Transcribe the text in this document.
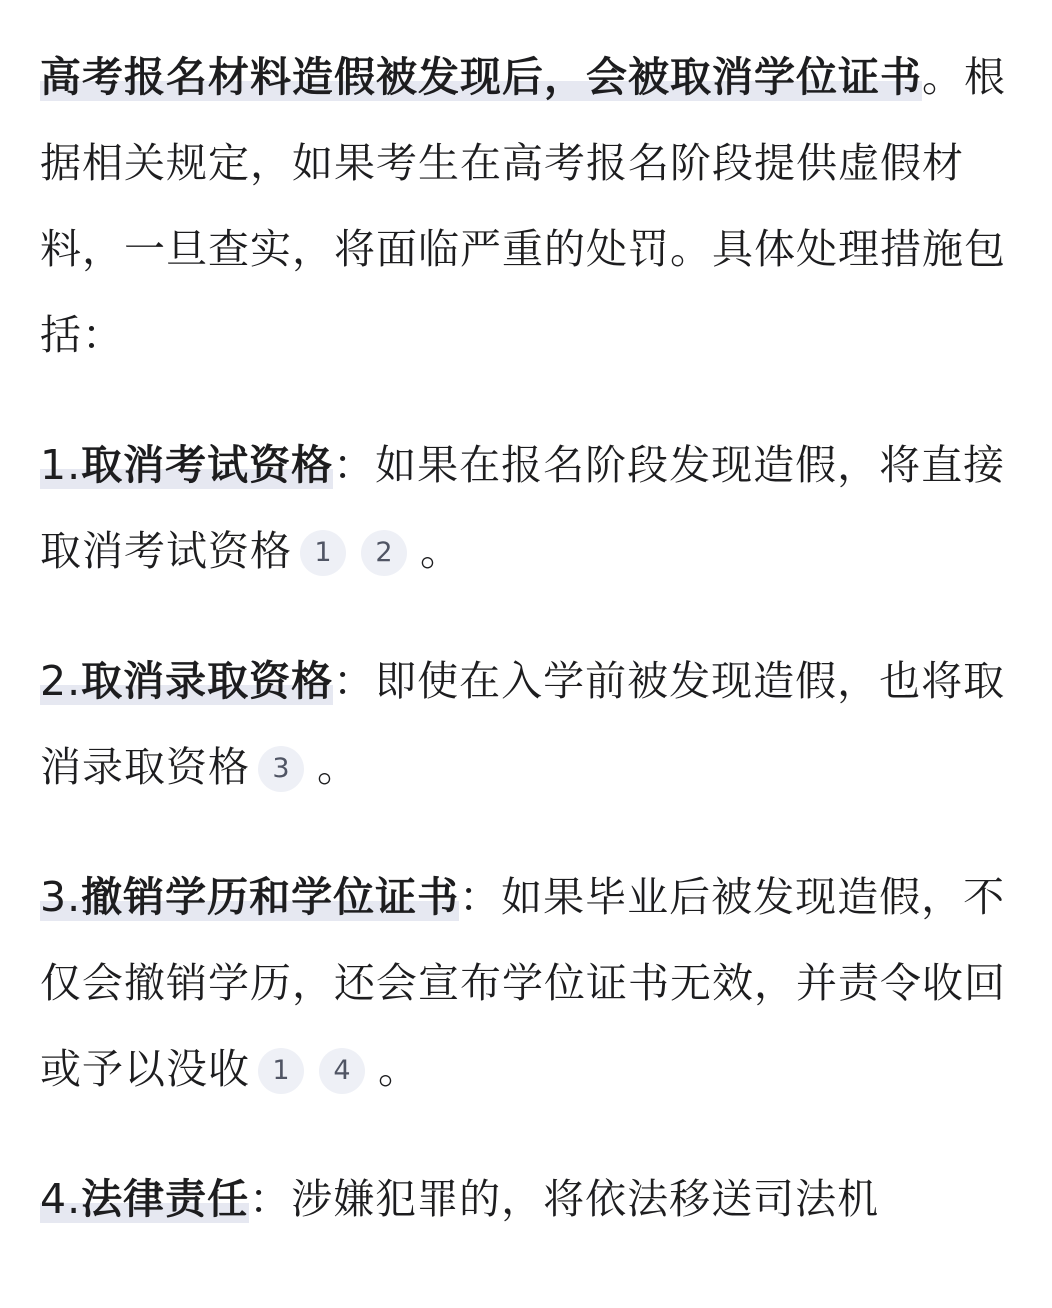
高考报名材料造假被发现后，会被取消学位证书。根据相关规定，如果考生在高考报名阶段提供虚假材料，一旦查实，将面临严重的处罚。具体处理措施包括：

1.取消考试资格：如果在报名阶段发现造假，将直接取消考试资格 1 2 。

2.取消录取资格：即使在入学前被发现造假，也将取消录取资格 3 。

3.撤销学历和学位证书：如果毕业后被发现造假，不仅会撤销学历，还会宣布学位证书无效，并责令收回或予以没收 1 4 。

4.法律责任：涉嫌犯罪的，将依法移送司法机
